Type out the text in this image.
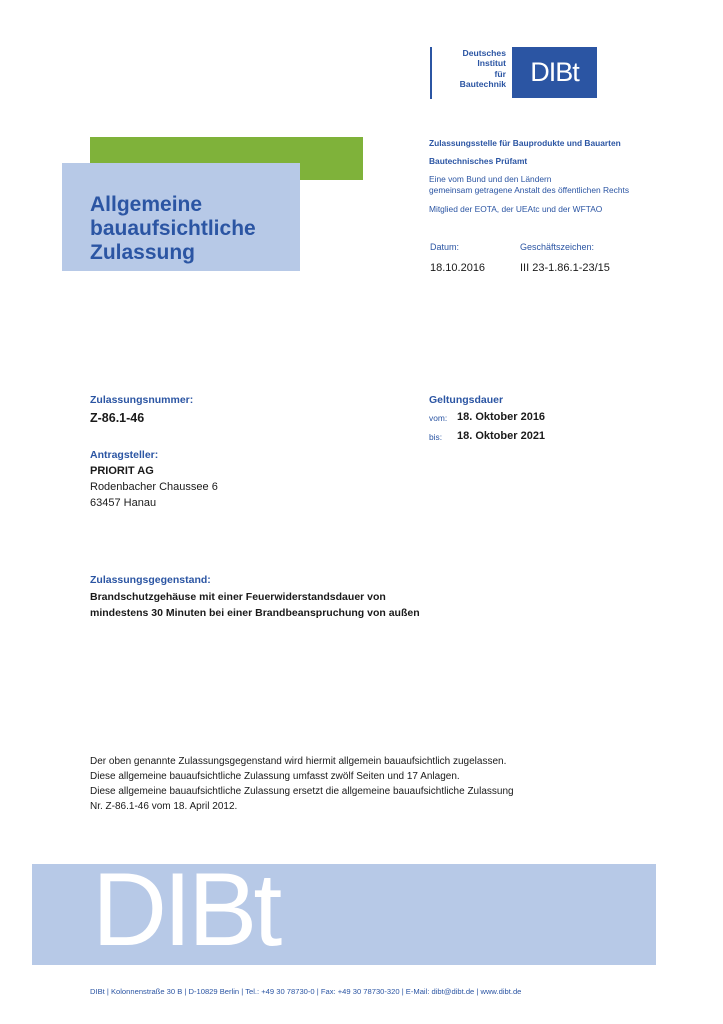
Deutsches
Institut
für
Bautechnik DIBt
Zulassungsstelle für Bauprodukte und Bauarten
Bautechnisches Prüfamt
Eine vom Bund und den Ländern
gemeinsam getragene Anstalt des öffentlichen Rechts
Mitglied der EOTA, der UEAtc und der WFTAO
Allgemeine
bauaufsichtliche
Zulassung	Datum:
18.10.2016
Geschäftszeichen:
III 23-1.86.1-23/15
Zulassungsnummer:
Z-86.1-46
Geltungsdauer
vom: 18. Oktober 2016
bis: 18. Oktober 2021
Antragsteller:
PRIORIT AG
Rodenbacher Chaussee 6
63457 Hanau
Zulassungsgegenstand:
Brandschutzgehäuse mit einer Feuerwiderstandsdauer von
mindestens 30 Minuten bei einer Brandbeanspruchung von außen
Der oben genannte Zulassungsgegenstand wird hiermit allgemein bauaufsichtlich zugelassen.
Diese allgemeine bauaufsichtliche Zulassung umfasst zwölf Seiten und 17 Anlagen.
Diese allgemeine bauaufsichtliche Zulassung ersetzt die allgemeine bauaufsichtliche Zulassung
Nr. Z-86.1-46 vom 18. April 2012.
DIBt
DIBt | Kolonnenstraße 30 B | D-10829 Berlin | Tel.: +49 30 78730-0 | Fax: +49 30 78730-320 | E-Mail: dibt@dibt.de | www.dibt.de
